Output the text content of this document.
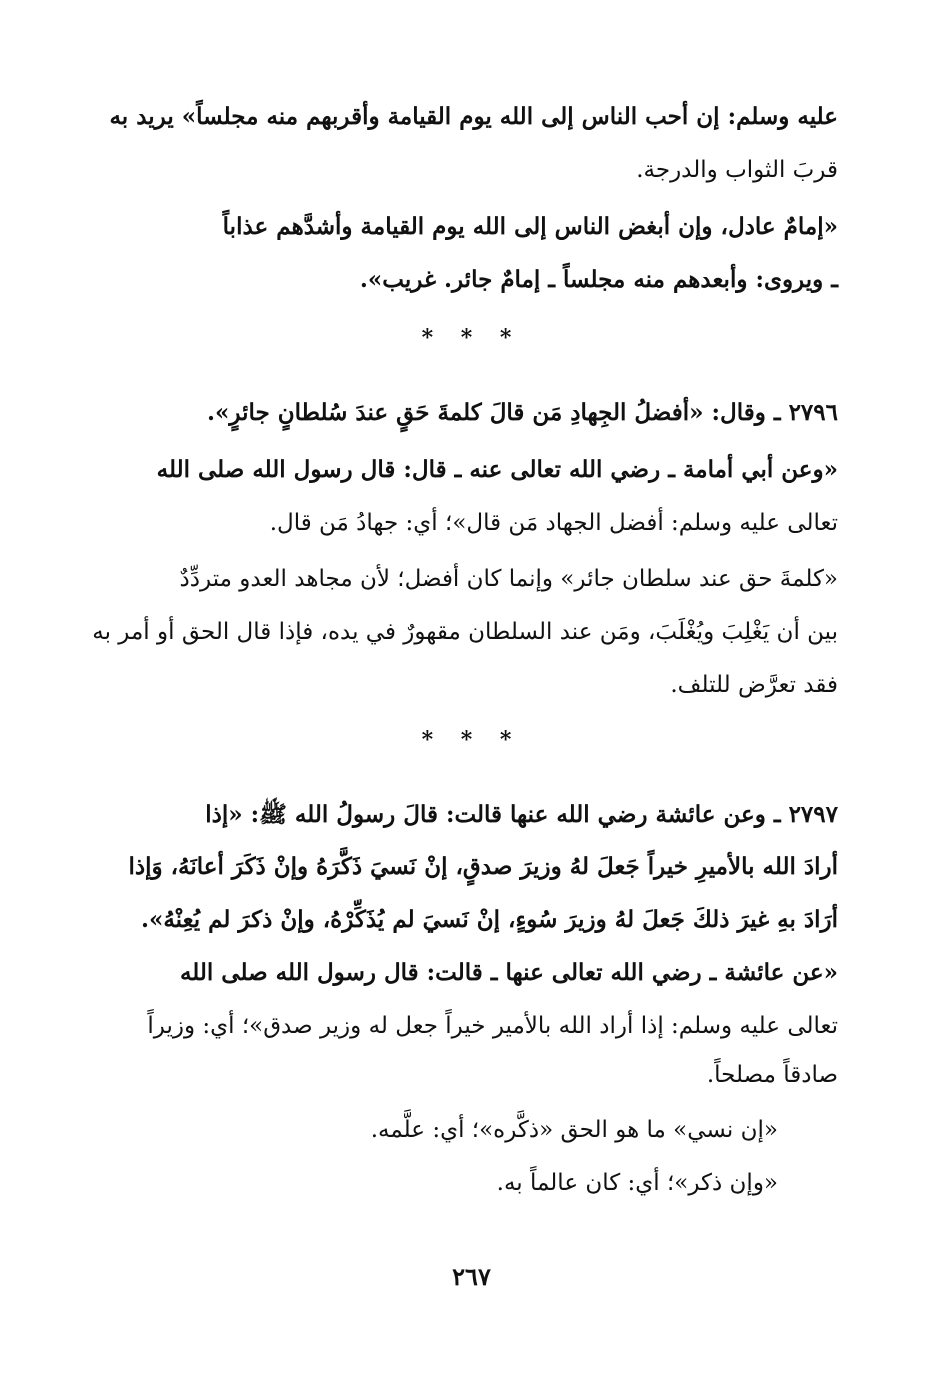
عليه وسلم: إن أحب الناس إلى الله يوم القيامة وأقربهم منه مجلساً» يريد به
قربَ الثواب والدرجة.
«إمامٌ عادل، وإن أبغض الناس إلى الله يوم القيامة وأشدَّهم عذاباً
ـ ويروى: وأبعدهم منه مجلساً ـ إمامٌ جائر. غريب».
* * *
٢٧٩٦ ـ وقال: «أفضلُ الجِهادِ مَن قالَ كلمةَ حَقٍ عندَ سُلطانٍ جائرٍ».
«وعن أبي أمامة ـ رضي الله تعالى عنه ـ قال: قال رسول الله صلى الله
تعالى عليه وسلم: أفضل الجهاد مَن قال»؛ أي: جهادُ مَن قال.
«كلمةَ حق عند سلطان جائر» وإنما كان أفضل؛ لأن مجاهد العدو متردِّدٌ
بين أن يَغْلِبَ ويُغْلَبَ، ومَن عند السلطان مقهورٌ في يده، فإذا قال الحق أو أمر به
فقد تعرَّض للتلف.
* * *
٢٧٩٧ ـ وعن عائشة رضي الله عنها قالت: قالَ رسولُ الله ﷺ: «إذا
أرادَ الله بالأميرِ خيراً جَعلَ لهُ وزيرَ صدقٍ، إنْ نَسيَ ذَكَّرَهُ وإنْ ذَكَرَ أعانَهُ، وَإذا
أرَادَ بهِ غيرَ ذلكَ جَعلَ لهُ وزيرَ سُوءٍ، إنْ نَسيَ لم يُذَكِّرْهُ، وإنْ ذكرَ لم يُعِنْهُ».
«عن عائشة ـ رضي الله تعالى عنها ـ قالت: قال رسول الله صلى الله
تعالى عليه وسلم: إذا أراد الله بالأمير خيراً جعل له وزير صدق»؛ أي: وزيراً
صادقاً مصلحاً.
«إن نسي» ما هو الحق «ذكَّره»؛ أي: علَّمه.
«وإن ذكر»؛ أي: كان عالماً به.
٢٦٧
